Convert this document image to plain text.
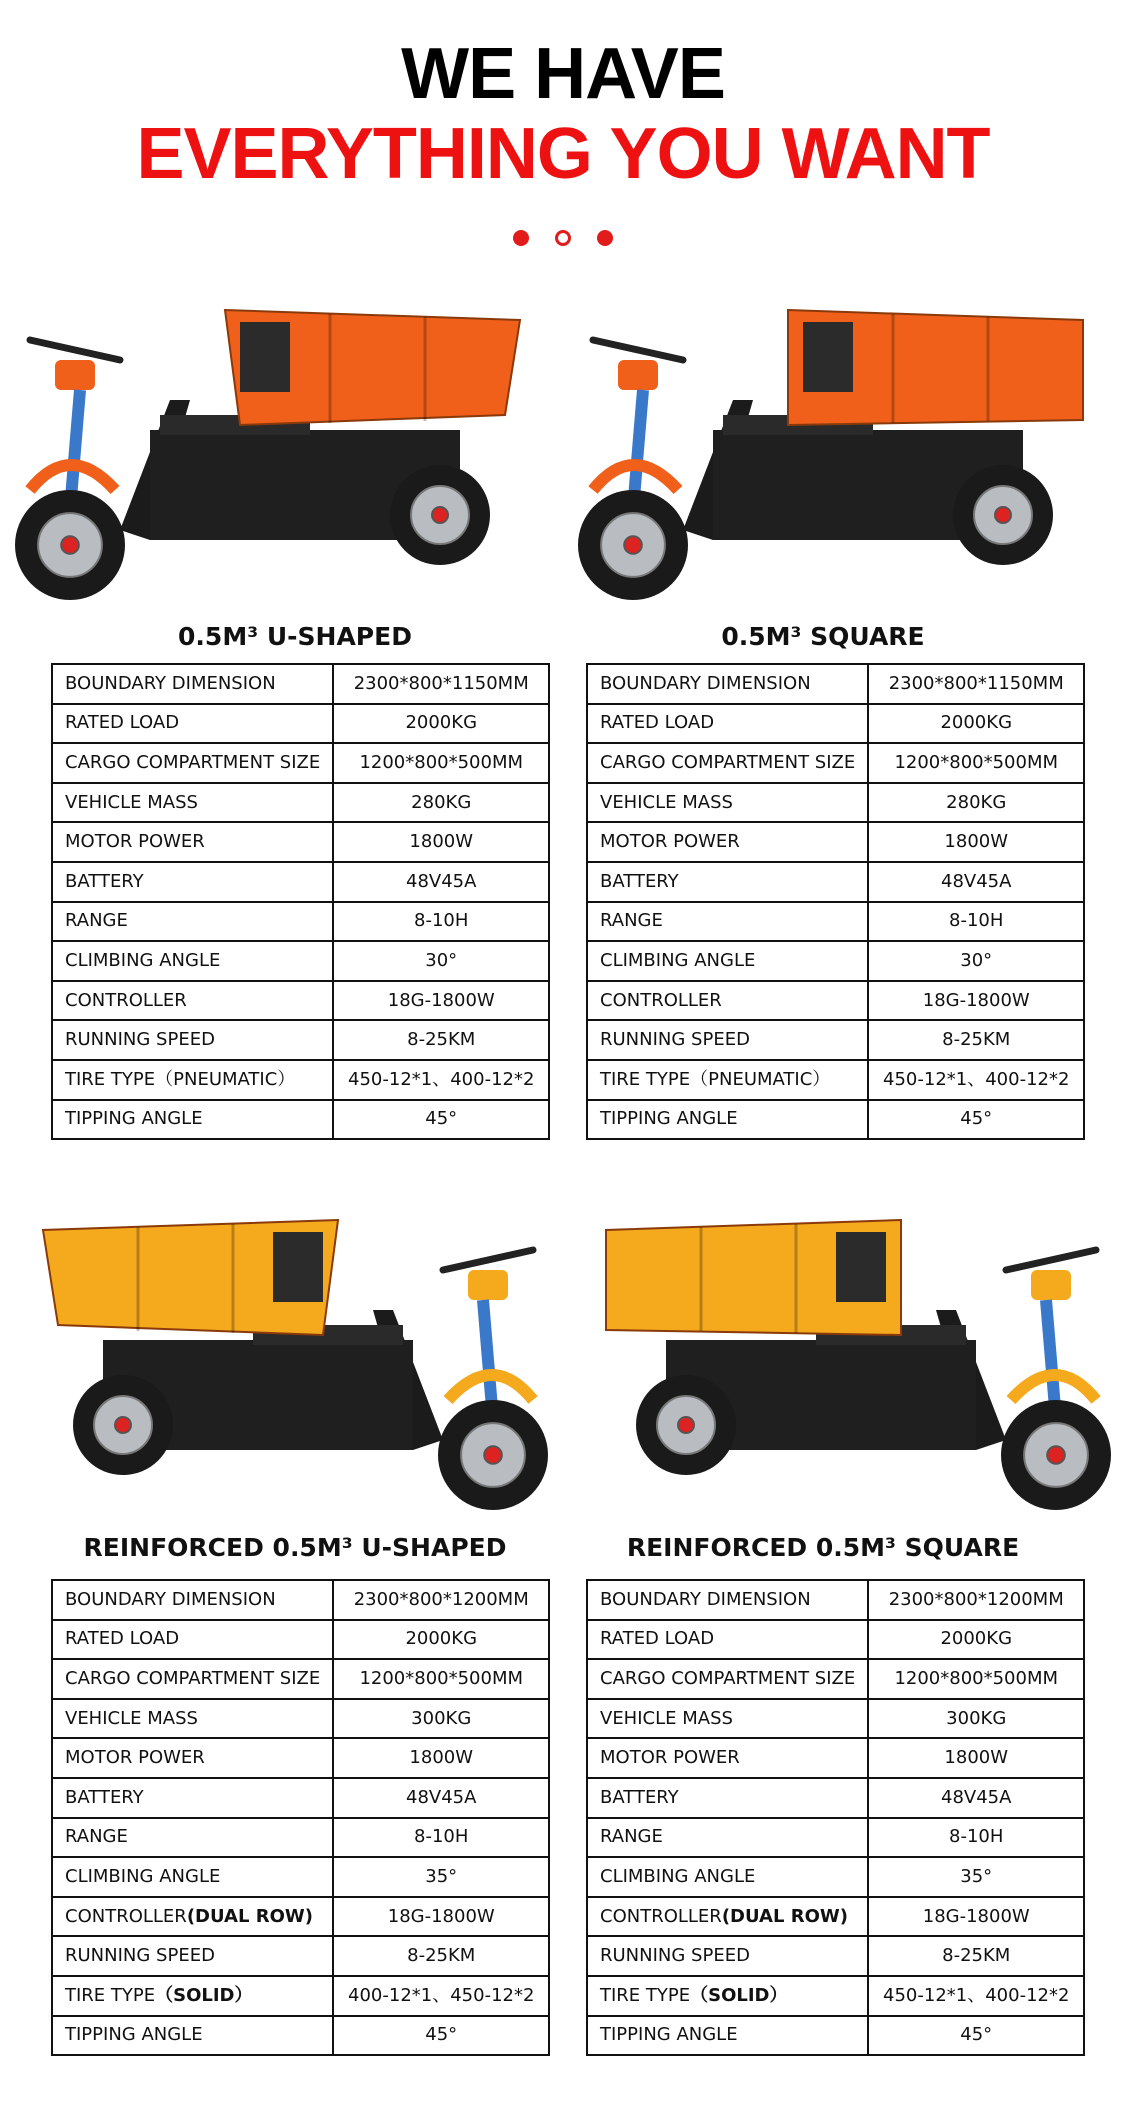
WE HAVE
EVERYTHING YOU WANT
0.5M³ U-SHAPED	0.5M³ SQUARE
REINFORCED 0.5M³ U-SHAPED	REINFORCED 0.5M³ SQUARE
BOUNDARY DIMENSION	2300*800*1150MM
RATED LOAD	2000KG
CARGO COMPARTMENT SIZE	1200*800*500MM
VEHICLE MASS	280KG
MOTOR POWER	1800W
BATTERY	48V45A
RANGE	8-10H
CLIMBING ANGLE	30°
CONTROLLER	18G-1800W
RUNNING SPEED	8-25KM
TIRE TYPE（PNEUMATIC）	450-12*1、400-12*2
TIPPING ANGLE	45°
BOUNDARY DIMENSION	2300*800*1150MM
RATED LOAD	2000KG
CARGO COMPARTMENT SIZE	1200*800*500MM
VEHICLE MASS	280KG
MOTOR POWER	1800W
BATTERY	48V45A
RANGE	8-10H
CLIMBING ANGLE	30°
CONTROLLER	18G-1800W
RUNNING SPEED	8-25KM
TIRE TYPE（PNEUMATIC）	450-12*1、400-12*2
TIPPING ANGLE	45°
BOUNDARY DIMENSION	2300*800*1200MM
RATED LOAD	2000KG
CARGO COMPARTMENT SIZE	1200*800*500MM
VEHICLE MASS	300KG
MOTOR POWER	1800W
BATTERY	48V45A
RANGE	8-10H
CLIMBING ANGLE	35°
CONTROLLER(DUAL ROW)	18G-1800W
RUNNING SPEED	8-25KM
TIRE TYPE（SOLID）	400-12*1、450-12*2
TIPPING ANGLE	45°
BOUNDARY DIMENSION	2300*800*1200MM
RATED LOAD	2000KG
CARGO COMPARTMENT SIZE	1200*800*500MM
VEHICLE MASS	300KG
MOTOR POWER	1800W
BATTERY	48V45A
RANGE	8-10H
CLIMBING ANGLE	35°
CONTROLLER(DUAL ROW)	18G-1800W
RUNNING SPEED	8-25KM
TIRE TYPE（SOLID）	450-12*1、400-12*2
TIPPING ANGLE	45°
